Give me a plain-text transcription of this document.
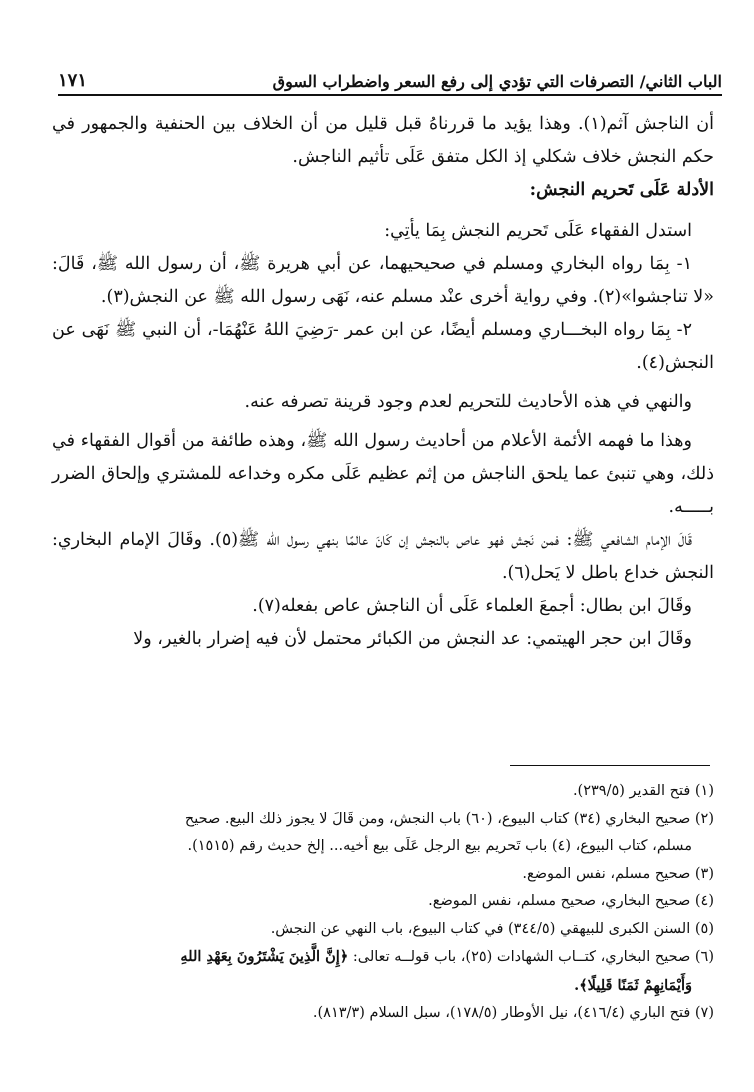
الباب الثاني/ التصرفات التي تؤدي إلى رفع السعر واضطراب السوق
١٧١

أن الناجش آثم(١). وهذا يؤيد ما قررناهُ قبل قليل من أن الخلاف بين الحنفية والجمهور في حكم النجش خلاف شكلي إذ الكل متفق عَلَى تأثيم الناجش.

الأدلة عَلَى تَحريم النجش:

استدل الفقهاء عَلَى تَحريم النجش بِمَا يأتِي:

١- بِمَا رواه البخاري ومسلم في صحيحيهما، عن أبي هريرة ﷺ، أن رسول الله ﷺ، قَالَ: «لا تناجشوا»(٢). وفي رواية أخرى عنْد مسلم عنه، نَهَى رسول الله ﷺ عن النجش(٣).

٢- بِمَا رواه البخـــاري ومسلم أيضًا، عن ابن عمر -رَضِيَ اللهُ عَنْهُمَا-، أن النبي ﷺ نَهَى عن النجش(٤).

والنهي في هذه الأحاديث للتحريم لعدم وجود قرينة تصرفه عنه.

وهذا ما فهمه الأئمة الأعلام من أحاديث رسول الله ﷺ، وهذه طائفة من أقوال الفقهاء في ذلك، وهي تنبئ عما يلحق الناجش من إثم عظيم عَلَى مكره وخداعه للمشتري وإلحاق الضرر بـــــه.

قَالَ الإمام الشافعي ﷺ: فمن نَجش فهو عاص بالنجش إن كَانَ عالمًا بنهي رسول الله ﷺ(٥). وقَالَ الإمام البخاري: النجش خداع باطل لا يَحل(٦).

وقَالَ ابن بطال: أجمعَ العلماء عَلَى أن الناجش عاص بفعله(٧).

وقَالَ ابن حجر الهيتمي: عد النجش من الكبائر محتمل لأن فيه إضرار بالغير، ولا

(١) فتح القدير (٢٣٩/٥).

(٢) صحيح البخاري (٣٤) كتاب البيوع، (٦٠) باب النجش، ومن قَالَ لا يجوز ذلك البيع. صحيح

مسلم، كتاب البيوع، (٤) باب تَحريم بيع الرجل عَلَى بيع أخيه... إلخ حديث رقم (١٥١٥).

(٣) صحيح مسلم، نفس الموضع.

(٤) صحيح البخاري، صحيح مسلم، نفس الموضع.

(٥) السنن الكبرى للبيهقي (٣٤٤/٥) في كتاب البيوع، باب النهي عن النجش.

(٦) صحيح البخاري، كتــاب الشهادات (٢٥)، باب قولــه تعالى: ﴿إِنَّ الَّذِينَ يَشْتَرُونَ بِعَهْدِ اللهِ

وَأَيْمَانِهِمْ ثَمَنًا قَلِيلًا﴾.

(٧) فتح الباري (٤١٦/٤)، نيل الأوطار (١٧٨/٥)، سبل السلام (٨١٣/٣).
